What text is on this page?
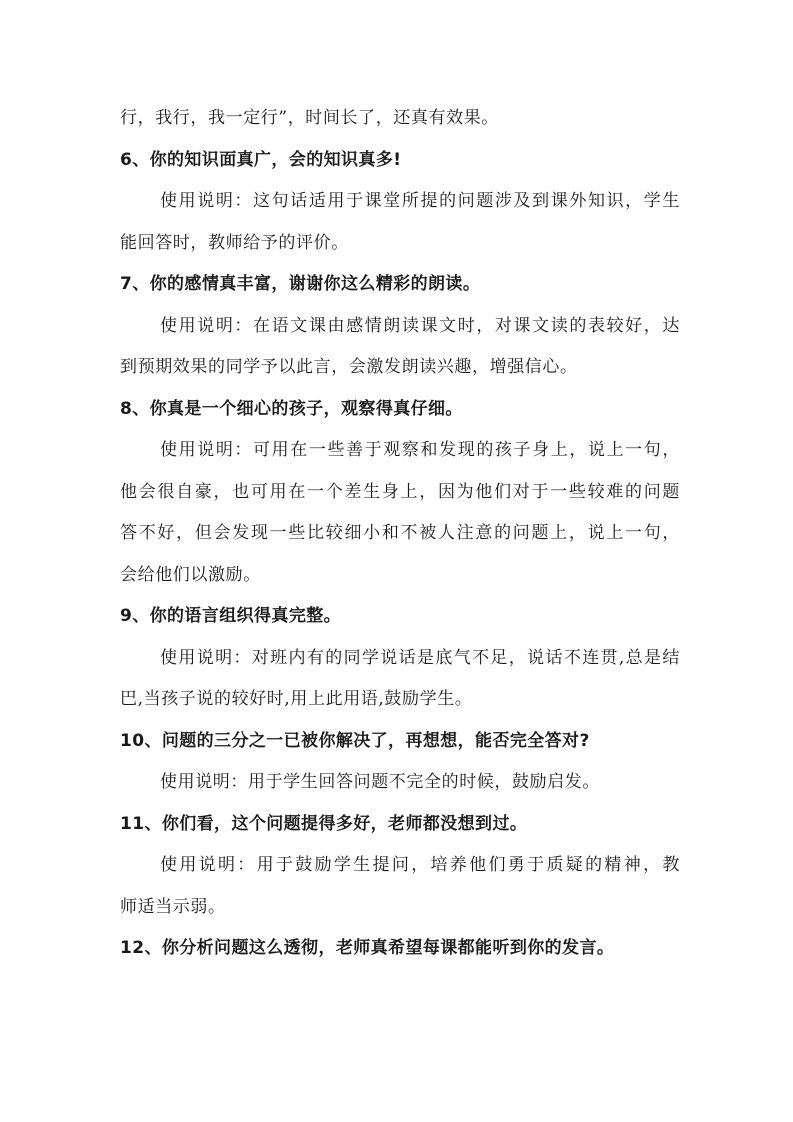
行，我行，我一定行”，时间长了，还真有效果。
6、你的知识面真广，会的知识真多!
使用说明：这句话适用于课堂所提的问题涉及到课外知识，学生
能回答时，教师给予的评价。
7、你的感情真丰富，谢谢你这么精彩的朗读。
使用说明：在语文课由感情朗读课文时，对课文读的表较好，达
到预期效果的同学予以此言，会激发朗读兴趣，增强信心。
8、你真是一个细心的孩子，观察得真仔细。
使用说明：可用在一些善于观察和发现的孩子身上，说上一句，
他会很自豪，也可用在一个差生身上，因为他们对于一些较难的问题
答不好，但会发现一些比较细小和不被人注意的问题上，说上一句，
会给他们以激励。
9、你的语言组织得真完整。
使用说明：对班内有的同学说话是底气不足，说话不连贯,总是结
巴,当孩子说的较好时,用上此用语,鼓励学生。
10、问题的三分之一已被你解决了，再想想，能否完全答对?
使用说明：用于学生回答问题不完全的时候，鼓励启发。
11、你们看，这个问题提得多好，老师都没想到过。
使用说明：用于鼓励学生提问，培养他们勇于质疑的精神，教
师适当示弱。
12、你分析问题这么透彻，老师真希望每课都能听到你的发言。
